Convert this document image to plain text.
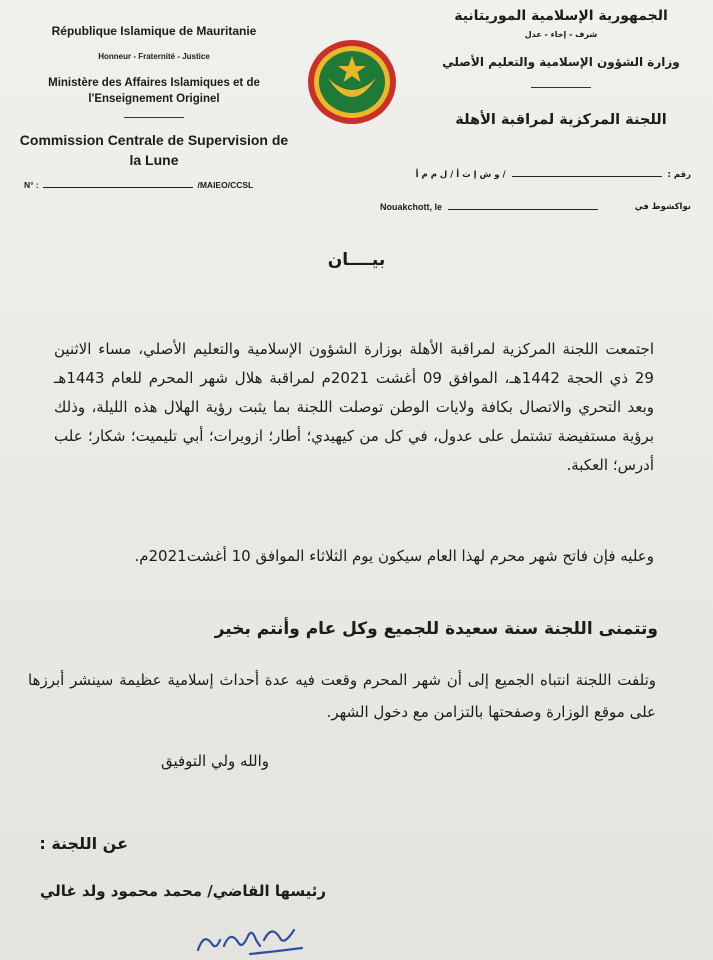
République Islamique de Mauritanie
Honneur - Fraternité - Justice
Ministère des Affaires Islamiques et de l'Enseignement Originel
Commission Centrale de Supervision de la Lune
N° :	/MAIEO/CCSL
الجمهورية الإسلامية الموريتانية
شرف - إخاء - عدل
وزارة الشؤون الإسلامية والتعليم الأصلي
اللجنة المركزية لمراقبة الأهلة
رقم :  / و ش إ ت أ / ل م م أ
Nouakchott, le	نواكشوط في
بيــــان
اجتمعت اللجنة المركزية لمراقبة الأهلة بوزارة الشؤون الإسلامية والتعليم الأصلي، مساء الاثنين 29 ذي الحجة 1442هـ، الموافق 09 أغشت 2021م لمراقبة هلال شهر المحرم للعام 1443هـ وبعد التحري والاتصال بكافة ولايات الوطن توصلت اللجنة بما يثبت رؤية الهلال هذه الليلة، وذلك برؤية مستفيضة تشتمل على عدول، في كل من كيهيدي؛ أطار؛ ازويرات؛ أبي تليميت؛ شكار؛ علب أدرس؛ العكبة.
وعليه فإن فاتح شهر محرم لهذا العام سيكون يوم الثلاثاء الموافق 10 أغشت2021م.
وتتمنى اللجنة سنة سعيدة للجميع وكل عام وأنتم بخير
وتلفت اللجنة انتباه الجميع إلى أن شهر المحرم وقعت فيه عدة أحداث إسلامية عظيمة سينشر أبرزها على موقع الوزارة وصفحتها بالتزامن مع دخول الشهر.
والله ولي التوفيق
عن اللجنة :
رئيسها القاضي/ محمد محمود ولد غالي
